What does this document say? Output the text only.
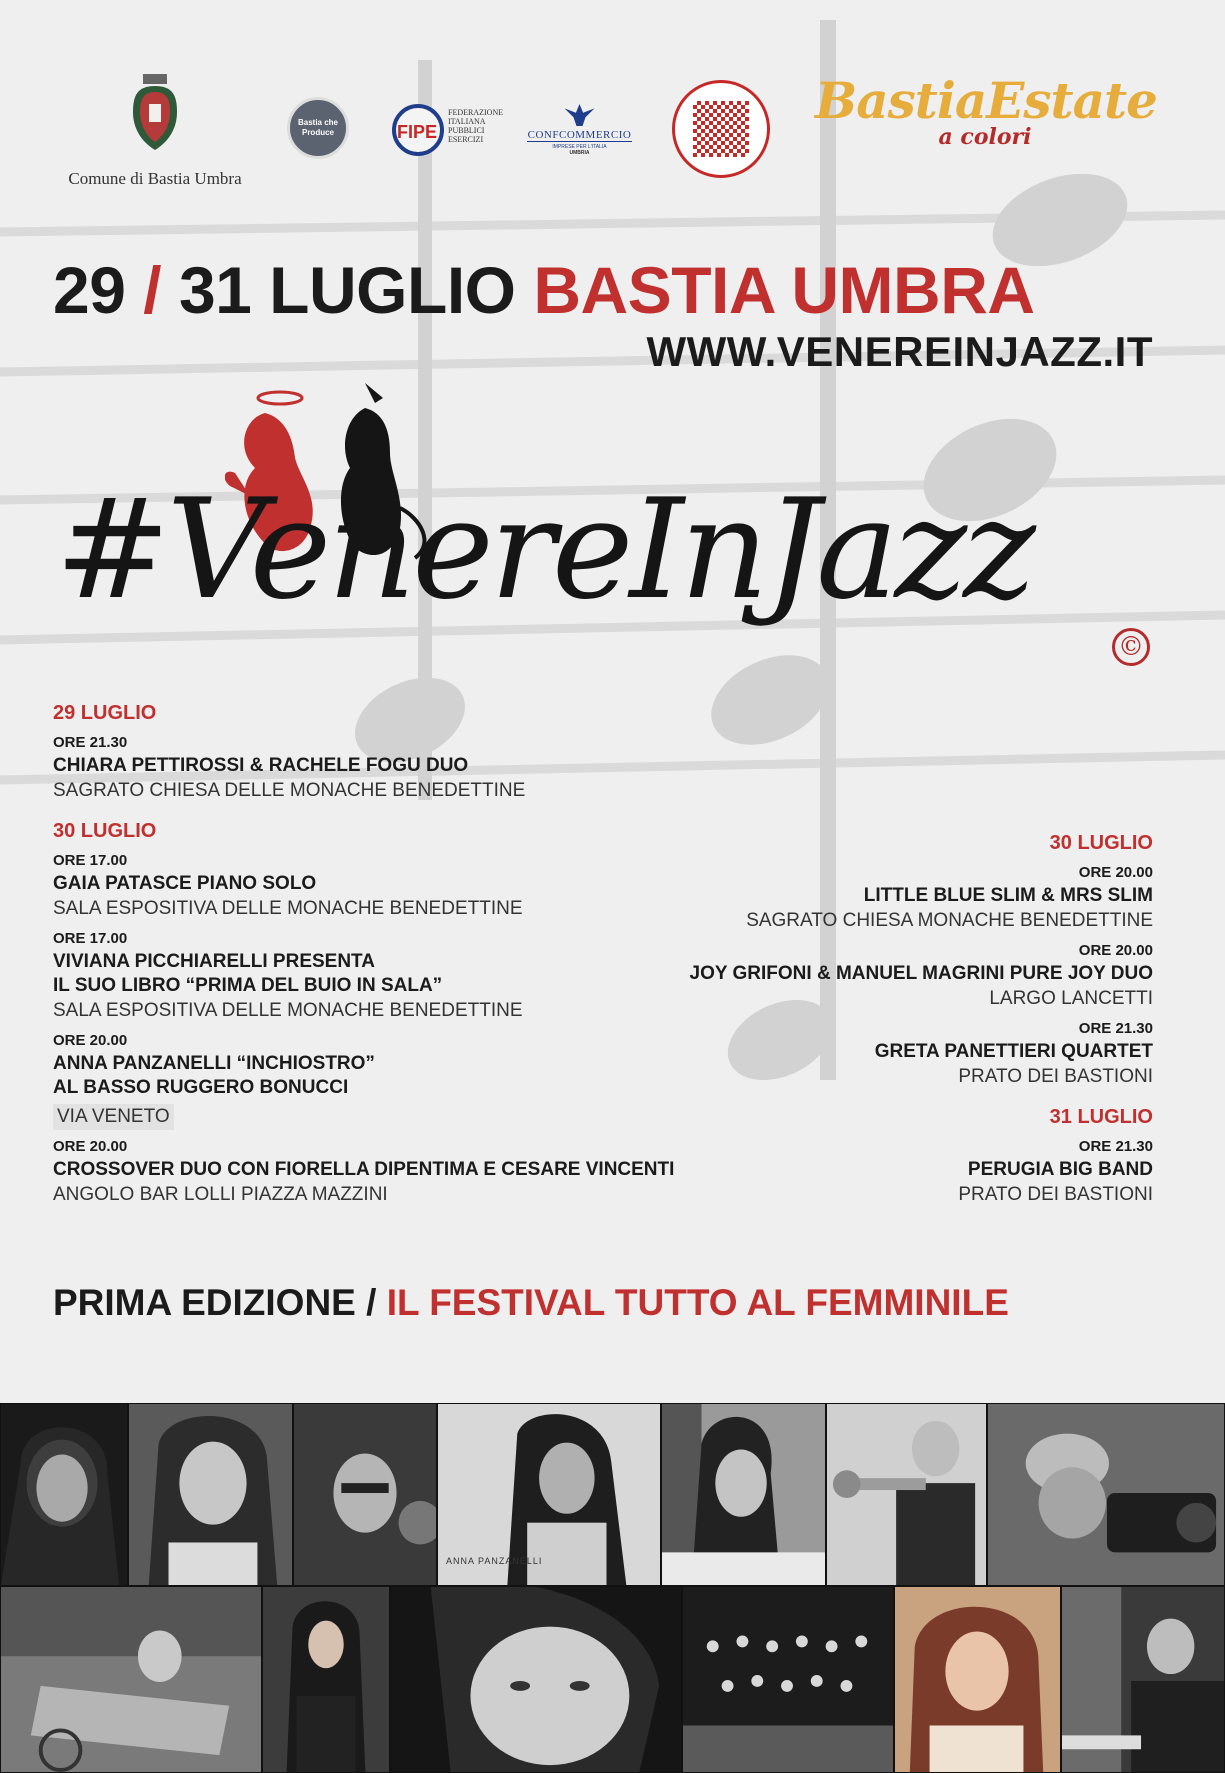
Comune di Bastia Umbra
Bastia che Produce	FIPE
FEDERAZIONE ITALIANA PUBBLICI ESERCIZI	CONFCOMMERCIO
IMPRESE PER L'ITALIA
UMBRIA
BastiaEstate
a colori
29 / 31 LUGLIO BASTIA UMBRA
WWW.VENEREINJAZZ.IT
#VenereInJazz
©
29 LUGLIO
ORE 21.30
CHIARA PETTIROSSI & RACHELE FOGU DUO
SAGRATO CHIESA DELLE MONACHE BENEDETTINE
30 LUGLIO
ORE 17.00
GAIA PATASCE PIANO SOLO
SALA ESPOSITIVA DELLE MONACHE BENEDETTINE
ORE 17.00
VIVIANA PICCHIARELLI PRESENTA
IL SUO LIBRO “PRIMA DEL BUIO IN SALA”
SALA ESPOSITIVA DELLE MONACHE BENEDETTINE
ORE 20.00
ANNA PANZANELLI “INCHIOSTRO”
AL BASSO RUGGERO BONUCCI
VIA VENETO
ORE 20.00
CROSSOVER DUO CON FIORELLA DIPENTIMA E CESARE VINCENTI
ANGOLO BAR LOLLI PIAZZA MAZZINI
30 LUGLIO
ORE 20.00
LITTLE BLUE SLIM & MRS SLIM
SAGRATO CHIESA MONACHE BENEDETTINE
ORE 20.00
JOY GRIFONI & MANUEL MAGRINI PURE JOY DUO
LARGO LANCETTI
ORE 21.30
GRETA PANETTIERI QUARTET
PRATO DEI BASTIONI
31 LUGLIO
ORE 21.30
PERUGIA BIG BAND
PRATO DEI BASTIONI
PRIMA EDIZIONE / IL FESTIVAL TUTTO AL FEMMINILE
ANNA PANZANELLI
